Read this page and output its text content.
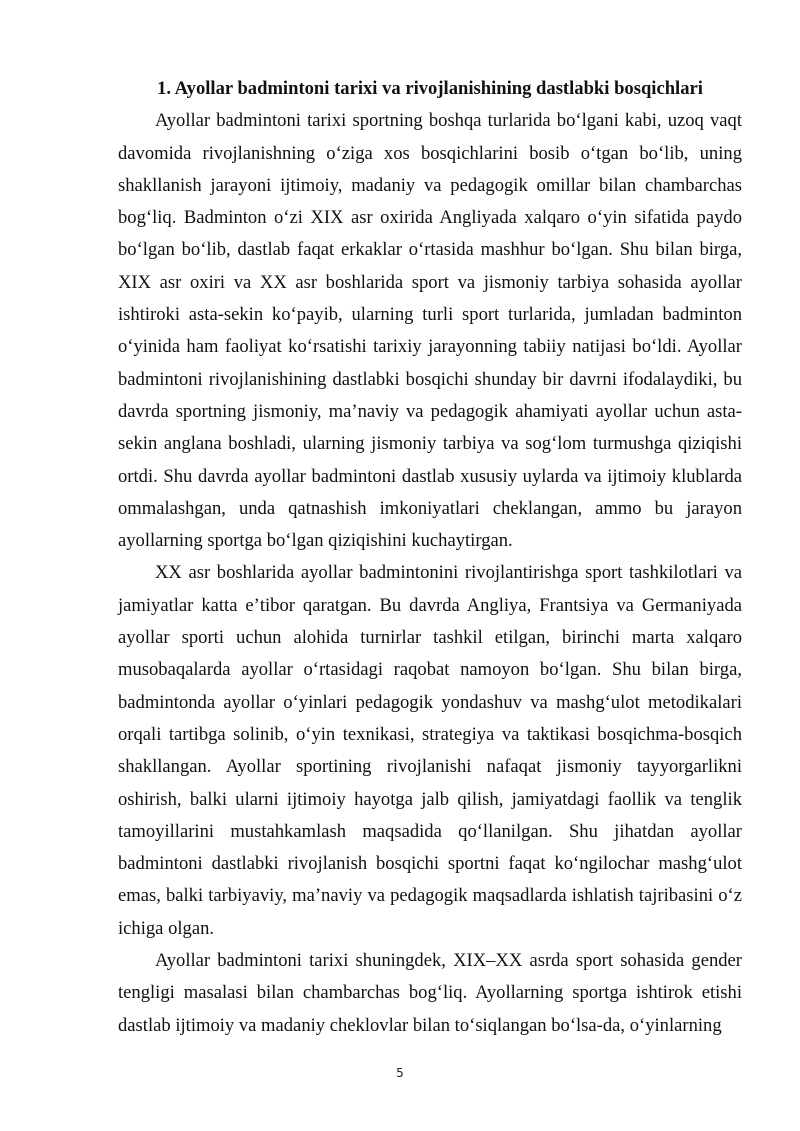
1. Ayollar badmintoni tarixi va rivojlanishining dastlabki bosqichlari

Ayollar badmintoni tarixi sportning boshqa turlarida boʻlgani kabi, uzoq vaqt davomida rivojlanishning oʻziga xos bosqichlarini bosib oʻtgan boʻlib, uning shakllanish jarayoni ijtimoiy, madaniy va pedagogik omillar bilan chambarchas bogʻliq. Badminton oʻzi XIX asr oxirida Angliyada xalqaro oʻyin sifatida paydo boʻlgan boʻlib, dastlab faqat erkaklar oʻrtasida mashhur boʻlgan. Shu bilan birga, XIX asr oxiri va XX asr boshlarida sport va jismoniy tarbiya sohasida ayollar ishtiroki asta-sekin koʻpayib, ularning turli sport turlarida, jumladan badminton oʻyinida ham faoliyat koʻrsatishi tarixiy jarayonning tabiiy natijasi boʻldi. Ayollar badmintoni rivojlanishining dastlabki bosqichi shunday bir davrni ifodalaydiki, bu davrda sportning jismoniy, maʼnaviy va pedagogik ahamiyati ayollar uchun asta-sekin anglana boshladi, ularning jismoniy tarbiya va sogʻlom turmushga qiziqishi ortdi. Shu davrda ayollar badmintoni dastlab xususiy uylarda va ijtimoiy klublarda ommalashgan, unda qatnashish imkoniyatlari cheklangan, ammo bu jarayon ayollarning sportga boʻlgan qiziqishini kuchaytirgan.

XX asr boshlarida ayollar badmintonini rivojlantirishga sport tashkilotlari va jamiyatlar katta eʼtibor qaratgan. Bu davrda Angliya, Frantsiya va Germaniyada ayollar sporti uchun alohida turnirlar tashkil etilgan, birinchi marta xalqaro musobaqalarda ayollar oʻrtasidagi raqobat namoyon boʻlgan. Shu bilan birga, badmintonda ayollar oʻyinlari pedagogik yondashuv va mashgʻulot metodikalari orqali tartibga solinib, oʻyin texnikasi, strategiya va taktikasi bosqichma-bosqich shakllangan. Ayollar sportining rivojlanishi nafaqat jismoniy tayyorgarlikni oshirish, balki ularni ijtimoiy hayotga jalb qilish, jamiyatdagi faollik va tenglik tamoyillarini mustahkamlash maqsadida qoʻllanilgan. Shu jihatdan ayollar badmintoni dastlabki rivojlanish bosqichi sportni faqat koʻngilochar mashgʻulot emas, balki tarbiyaviy, maʼnaviy va pedagogik maqsadlarda ishlatish tajribasini oʻz ichiga olgan.

Ayollar badmintoni tarixi shuningdek, XIX–XX asrda sport sohasida gender tengligi masalasi bilan chambarchas bogʻliq. Ayollarning sportga ishtirok etishi dastlab ijtimoiy va madaniy cheklovlar bilan toʻsiqlangan boʻlsa-da, oʻyinlarning

5
